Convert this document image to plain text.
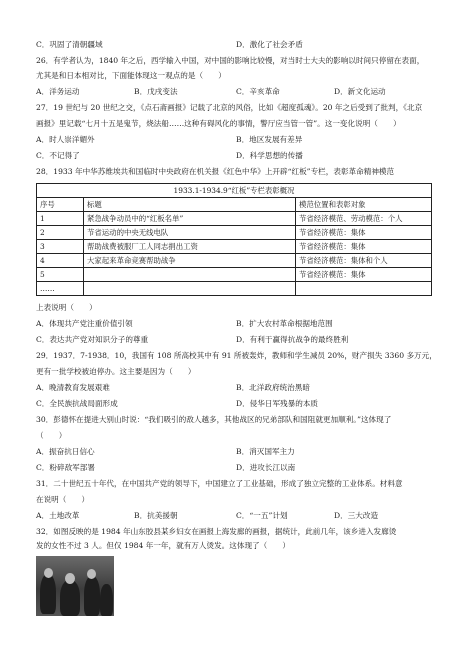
C．巩固了清朝疆域	D．激化了社会矛盾
26．有学者认为，1840 年之后，西学输入中国，对中国的影响比较慢，对当时士大夫的影响以时间只停留在表面，
尤其是和日本相对比，下面能体现这一观点的是（　　）
A．洋务运动	B．戊戌变法	C．辛亥革命	D．新文化运动
27．19 世纪与 20 世纪之交，《点石斋画报》记载了北京的风俗，比如《超度孤魂》。20 年之后受到了批判，《北京
画报》里记载“七月十五是鬼节，烧法船……这种有碍风化的事情，警厅应当管一管”。这一变化说明（　　）
A．时人崇洋媚外	B．地区发展有差异
C．不记得了	D．科学思想的传播
28．1933 年中华苏维埃共和国临时中央政府在机关报《红色中华》上开辟“红板”专栏，表彰革命精神模范
1933.1-1934.9“红板”专栏表彰概况		
序号	标题	模范位置和表彰对象
1	紧急战争动员中的“红板名单”	节省经济模范、劳动模范：个人
2	节省运动的中央无线电队	节省经济模范：集体
3	帮助战费被服厂工人同志捐出工资	节省经济模范：集体
4	大家起来革命竞赛帮助战争	节省经济模范：集体和个人
5		节省经济模范：集体
……		
上表说明（　　）
A．体现共产党注重价值引领	B．扩大农村革命根据地范围
C．表达共产党对知识分子的尊重	D．有利于赢得抗战争的最终胜利
29．1937．7-1938．10，我国有 108 所高校其中有 91 所被轰炸，教师和学生减员 20%，财产损失 3360 多万元，
更有一批学校被迫停办。这主要是因为（　　）
A．晚清教育发展艰难	B．北洋政府统治黑暗
C．全民族抗战局面形成	D．侵华日军残暴的本质
30．彭德怀在提进大别山时说：“我们吸引的敌人越多，其他战区的兄弟部队和国阻就更加顺利。”这体现了
（　　）
A．振奋抗日信心	B．消灭国军主力
C．粉碎敌军部署	D．进攻长江以南
31．二十世纪五十年代，在中国共产党的领导下，中国建立了工业基础，形成了独立完整的工业体系。材料意
在说明（　　）
A．土地改革	B．抗美援朝	C．“一五”计划	D．三大改造
32．如图反映的是 1984 年山东胶县某乡妇女在画报上海发廊的画报，据统计，此前几年，该乡进入发廊烫
发的女性不过 3 人。但仅 1984 年一年，就有万人烫发。这体现了（　　）
